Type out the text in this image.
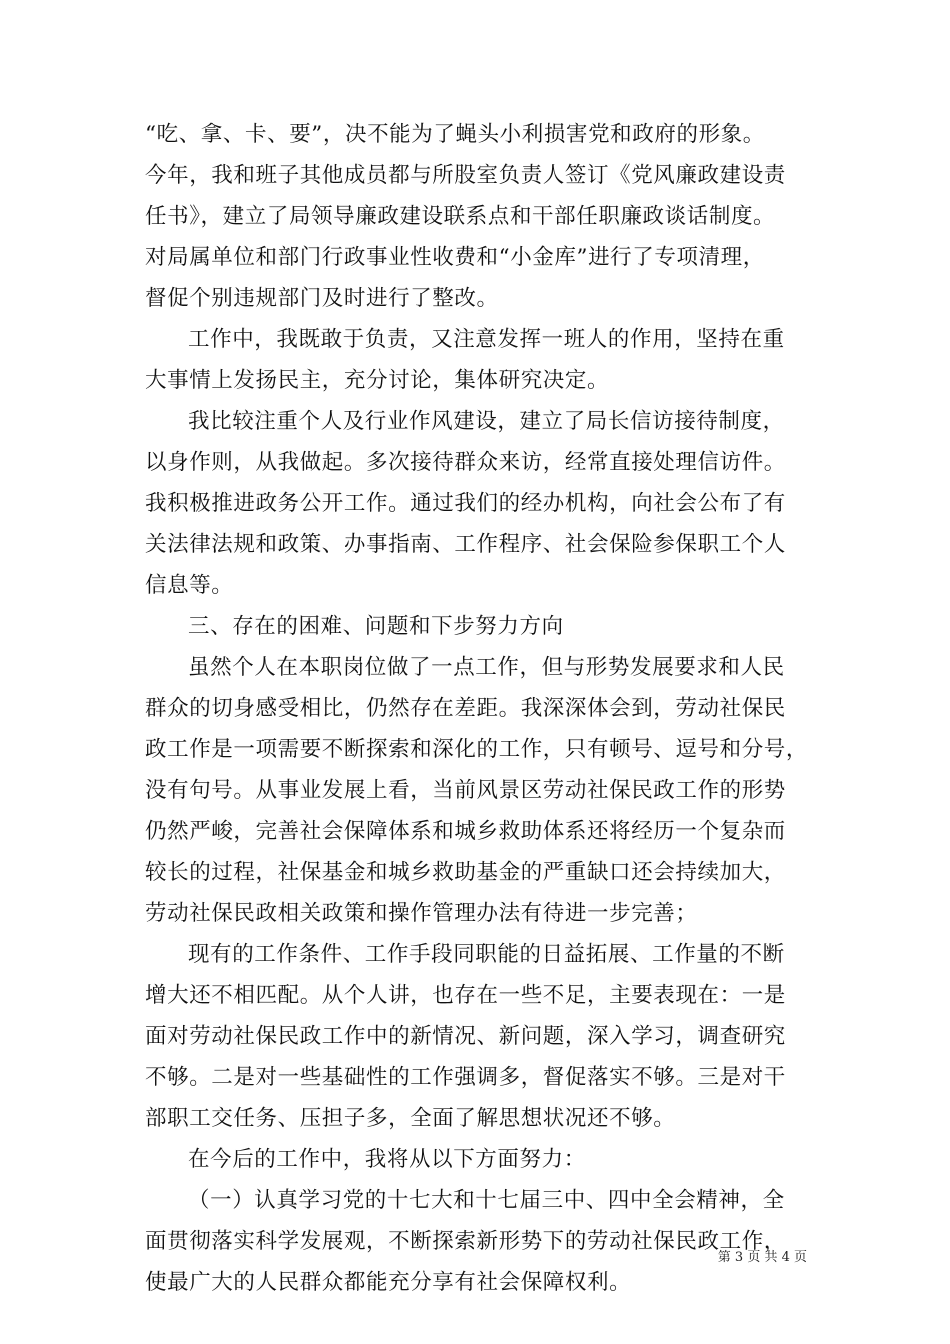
“吃、拿、卡、要”，决不能为了蝇头小利损害党和政府的形象。
今年，我和班子其他成员都与所股室负责人签订《党风廉政建设责
任书》，建立了局领导廉政建设联系点和干部任职廉政谈话制度。
对局属单位和部门行政事业性收费和“小金库”进行了专项清理，
督促个别违规部门及时进行了整改。
工作中，我既敢于负责，又注意发挥一班人的作用，坚持在重
大事情上发扬民主，充分讨论，集体研究决定。
我比较注重个人及行业作风建设，建立了局长信访接待制度，
以身作则，从我做起。多次接待群众来访，经常直接处理信访件。
我积极推进政务公开工作。通过我们的经办机构，向社会公布了有
关法律法规和政策、办事指南、工作程序、社会保险参保职工个人
信息等。
三、存在的困难、问题和下步努力方向
虽然个人在本职岗位做了一点工作，但与形势发展要求和人民
群众的切身感受相比，仍然存在差距。我深深体会到，劳动社保民
政工作是一项需要不断探索和深化的工作，只有顿号、逗号和分号，
没有句号。从事业发展上看，当前风景区劳动社保民政工作的形势
仍然严峻，完善社会保障体系和城乡救助体系还将经历一个复杂而
较长的过程，社保基金和城乡救助基金的严重缺口还会持续加大，
劳动社保民政相关政策和操作管理办法有待进一步完善；
现有的工作条件、工作手段同职能的日益拓展、工作量的不断
增大还不相匹配。从个人讲，也存在一些不足，主要表现在：一是
面对劳动社保民政工作中的新情况、新问题，深入学习，调查研究
不够。二是对一些基础性的工作强调多，督促落实不够。三是对干
部职工交任务、压担子多，全面了解思想状况还不够。
在今后的工作中，我将从以下方面努力：
（一）认真学习党的十七大和十七届三中、四中全会精神，全
面贯彻落实科学发展观，不断探索新形势下的劳动社保民政工作，
使最广大的人民群众都能充分享有社会保障权利。
第 3 页 共 4 页
